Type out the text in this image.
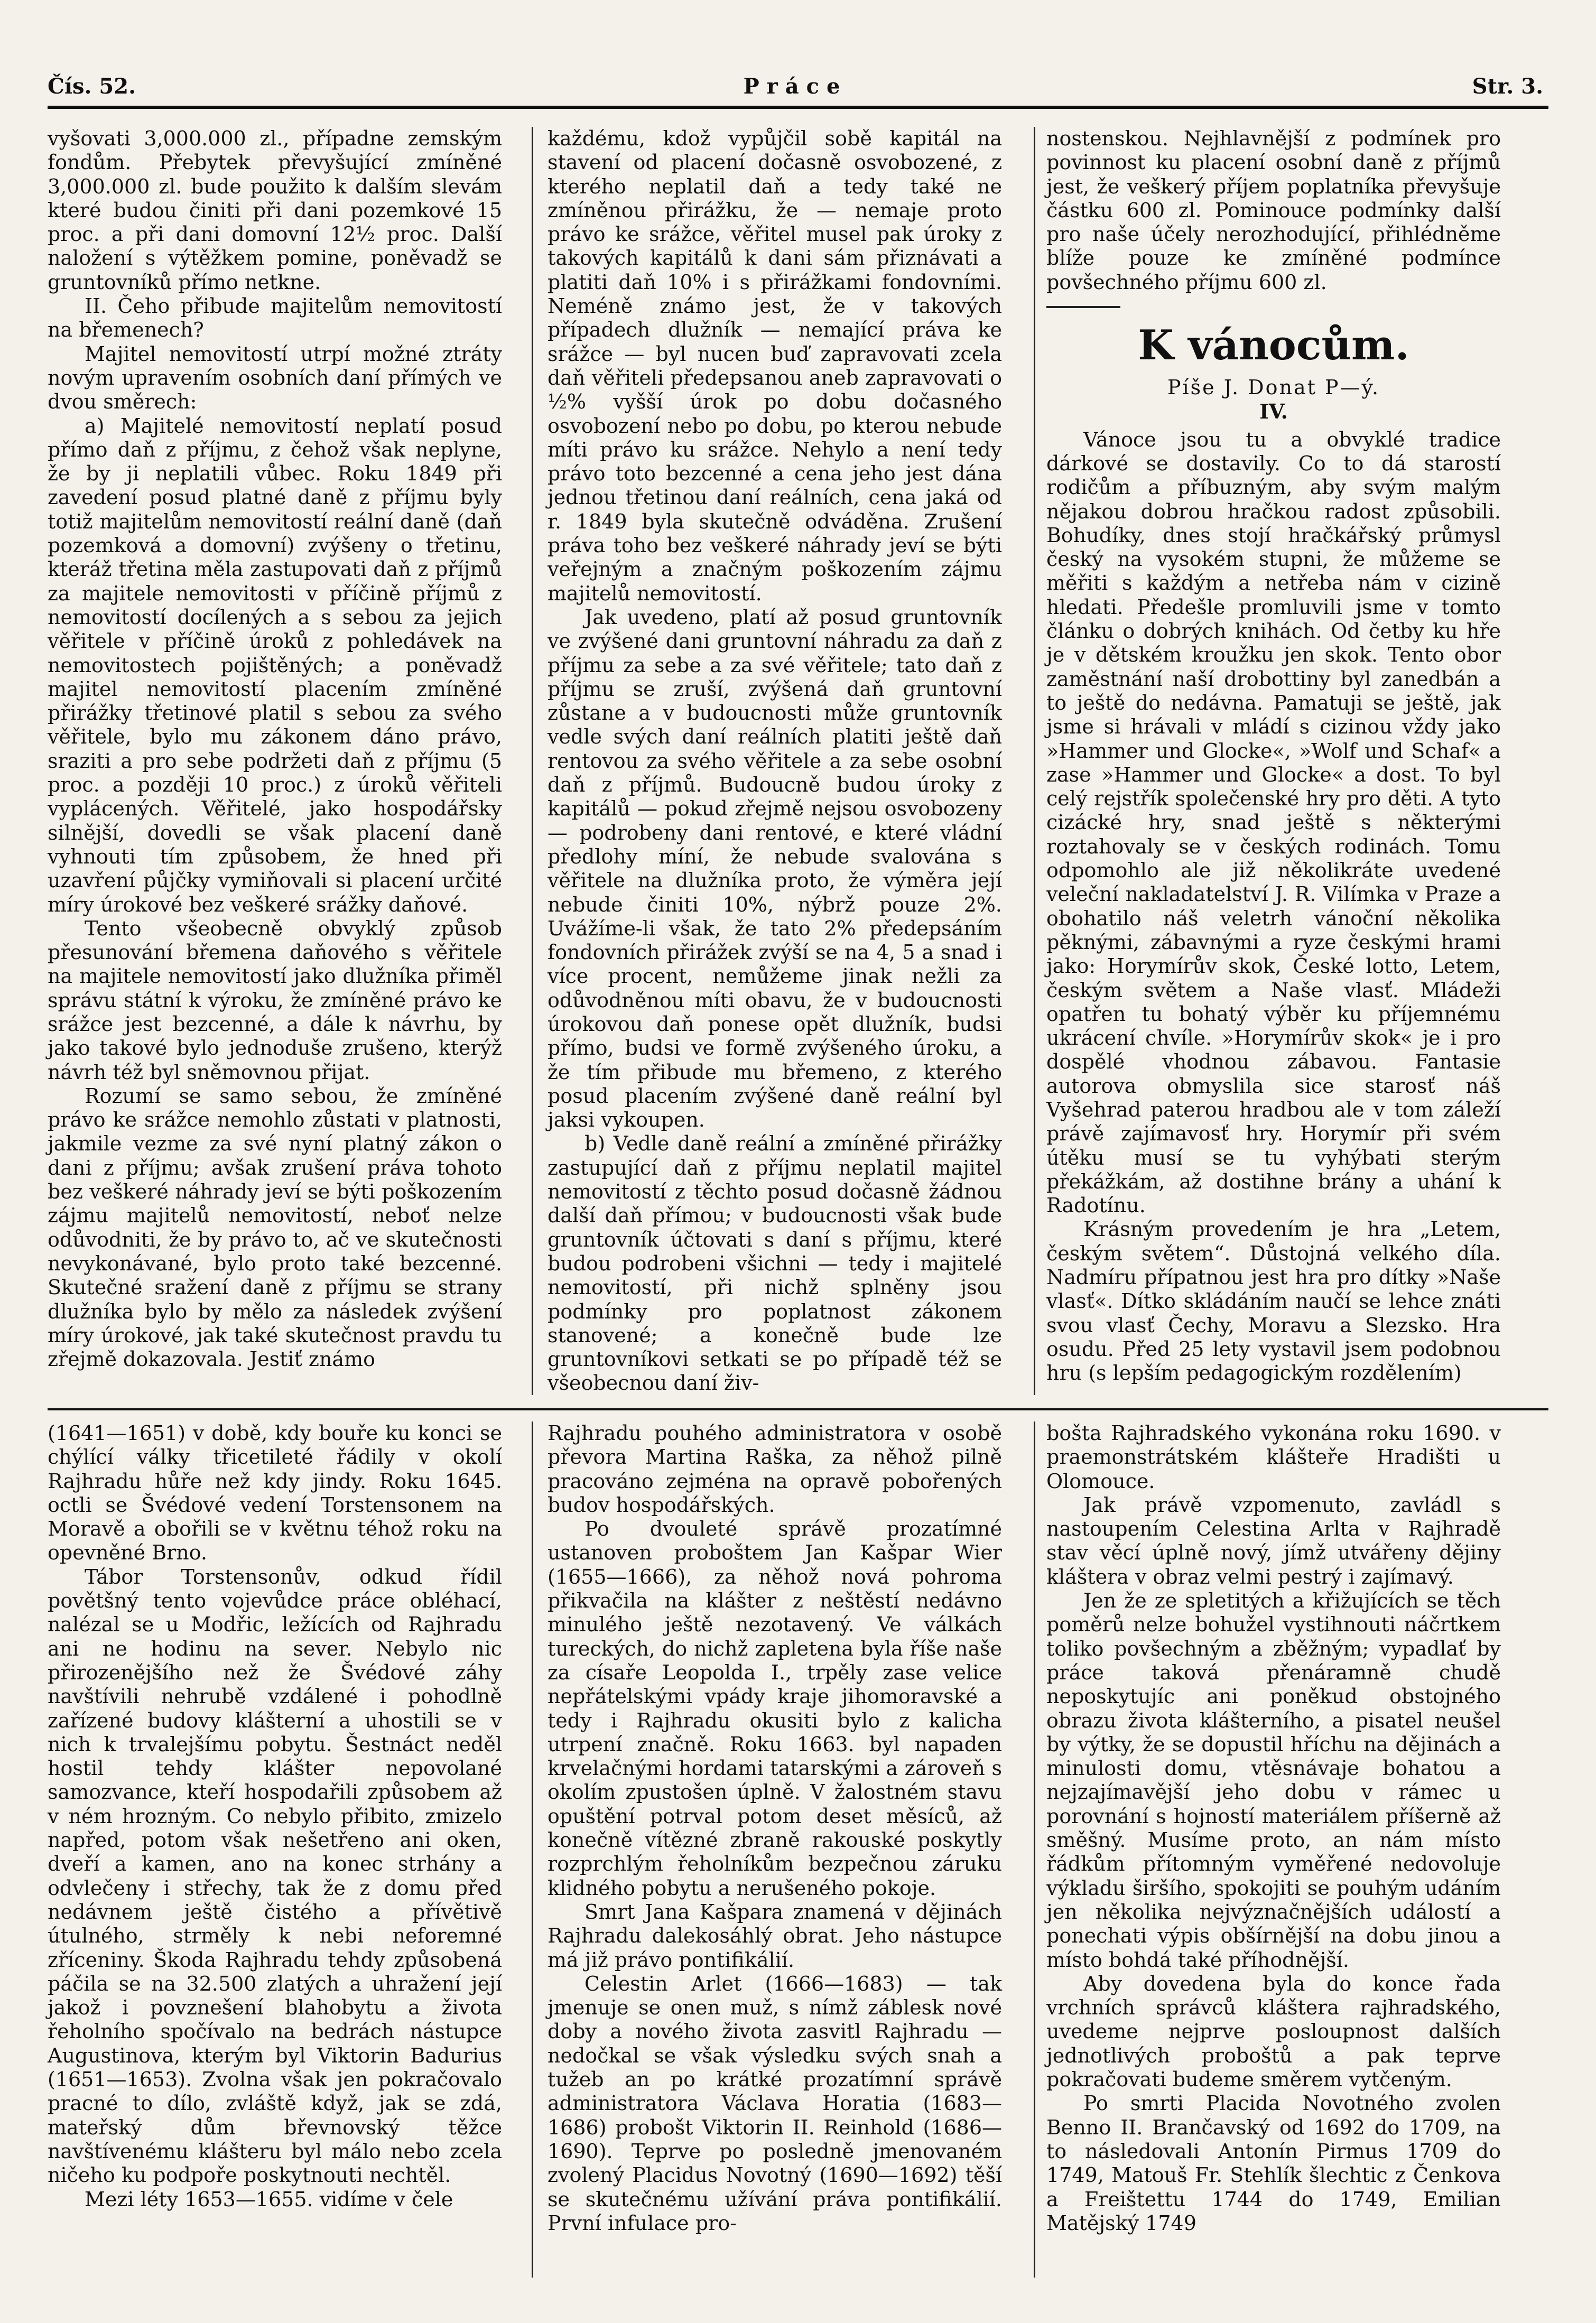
Čís. 52.	Práce	Str. 3.

vyšovati 3,000.000 zl., případne zemským fondům. Přebytek převyšující zmíněné 3,000.000 zl. bude použito k dalším slevám které budou činiti při dani pozemkové 15 proc. a při dani domovní 12½ proc. Další naložení s výtěžkem pomine, poněvadž se gruntovníků přímo netkne.

II. Čeho přibude majitelům nemovitostí na břemenech?

Majitel nemovitostí utrpí možné ztráty novým upravením osobních daní přímých ve dvou směrech:

a) Majitelé nemovitostí neplatí posud přímo daň z příjmu, z čehož však neplyne, že by ji neplatili vůbec. Roku 1849 při zavedení posud platné daně z příjmu byly totiž majitelům nemovitostí reální daně (daň pozemková a domovní) zvýšeny o třetinu, kteráž třetina měla zastupovati daň z příjmů za majitele nemovitosti v příčině příjmů z nemovitostí docílených a s sebou za jejich věřitele v příčině úroků z pohledávek na nemovitostech pojištěných; a poněvadž majitel nemovitostí placením zmíněné přirážky třetinové platil s sebou za svého věřitele, bylo mu zákonem dáno právo, sraziti a pro sebe podržeti daň z příjmu (5 proc. a později 10 proc.) z úroků věřiteli vyplácených. Věřitelé, jako hospodářsky silnější, dovedli se však placení daně vyhnouti tím způsobem, že hned při uzavření půjčky vymiňovali si placení určité míry úrokové bez veškeré srážky daňové.

Tento všeobecně obvyklý způsob přesunování břemena daňového s věřitele na majitele nemovitostí jako dlužníka přiměl správu státní k výroku, že zmíněné právo ke srážce jest bezcenné, a dále k návrhu, by jako takové bylo jednoduše zrušeno, kterýž návrh též byl sněmovnou přijat.

Rozumí se samo sebou, že zmíněné právo ke srážce nemohlo zůstati v platnosti, jakmile vezme za své nyní platný zákon o dani z příjmu; avšak zrušení práva tohoto bez veškeré náhrady jeví se býti poškozením zájmu majitelů nemovitostí, neboť nelze odůvodniti, že by právo to, ač ve skutečnosti nevykonávané, bylo proto také bezcenné. Skutečné sražení daně z příjmu se strany dlužníka bylo by mělo za následek zvýšení míry úrokové, jak také skutečnost pravdu tu zřejmě dokazovala. Jestiť známo

každému, kdož vypůjčil sobě kapitál na stavení od placení dočasně osvobozené, z kterého neplatil daň a tedy také ne zmíněnou přirážku, že — nemaje proto právo ke srážce, věřitel musel pak úroky z takových kapitálů k dani sám přiznávati a platiti daň 10% i s přirážkami fondovními. Neméně známo jest, že v takových případech dlužník — nemající práva ke srážce — byl nucen buď zapravovati zcela daň věřiteli předepsanou aneb zapravovati o ½% vyšší úrok po dobu dočasného osvobození nebo po dobu, po kterou nebude míti právo ku srážce. Nehylo a není tedy právo toto bezcenné a cena jeho jest dána jednou třetinou daní reálních, cena jaká od r. 1849 byla skutečně odváděna. Zrušení práva toho bez veškeré náhrady jeví se býti veřejným a značným poškozením zájmu majitelů nemovitostí.

Jak uvedeno, platí až posud gruntovník ve zvýšené dani gruntovní náhradu za daň z příjmu za sebe a za své věřitele; tato daň z příjmu se zruší, zvýšená daň gruntovní zůstane a v budoucnosti může gruntovník vedle svých daní reálních platiti ještě daň rentovou za svého věřitele a za sebe osobní daň z příjmů. Budoucně budou úroky z kapitálů — pokud zřejmě nejsou osvobozeny — podrobeny dani rentové, e které vládní předlohy míní, že nebude svalována s věřitele na dlužníka proto, že výměra její nebude činiti 10%, nýbrž pouze 2%. Uvážíme-li však, že tato 2% předepsáním fondovních přirážek zvýší se na 4, 5 a snad i více procent, nemůžeme jinak nežli za odůvodněnou míti obavu, že v budoucnosti úrokovou daň ponese opět dlužník, budsi přímo, budsi ve formě zvýšeného úroku, a že tím přibude mu břemeno, z kterého posud placením zvýšené daně reální byl jaksi vykoupen.

b) Vedle daně reální a zmíněné přirážky zastupující daň z příjmu neplatil majitel nemovitostí z těchto posud dočasně žádnou další daň přímou; v budoucnosti však bude gruntovník účtovati s daní s příjmu, které budou podrobeni všichni — tedy i majitelé nemovitostí, při nichž splněny jsou podmínky pro poplatnost zákonem stanovené; a konečně bude lze gruntovníkovi setkati se po případě též se všeobecnou daní živ-

nostenskou. Nejhlavnější z podmínek pro povinnost ku placení osobní daně z příjmů jest, že veškerý příjem poplatníka převyšuje částku 600 zl. Pominouce podmínky další pro naše účely nerozhodující, přihlédněme blíže pouze ke zmíněné podmínce povšechného příjmu 600 zl.

K vánocům.

Píše J. Donat P—ý.

IV.

Vánoce jsou tu a obvyklé tradice dárkové se dostavily. Co to dá starostí rodičům a příbuzným, aby svým malým nějakou dobrou hračkou radost způsobili. Bohudíky, dnes stojí hračkářský průmysl český na vysokém stupni, že můžeme se měřiti s každým a netřeba nám v cizině hledati. Předešle promluvili jsme v tomto článku o dobrých knihách. Od četby ku hře je v dětském kroužku jen skok. Tento obor zaměstnání naší drobottiny byl zanedbán a to ještě do nedávna. Pamatuji se ještě, jak jsme si hrávali v mládí s cizinou vždy jako »Hammer und Glocke«, »Wolf und Schaf« a zase »Hammer und Glocke« a dost. To byl celý rejstřík společenské hry pro děti. A tyto cizácké hry, snad ještě s některými roztahovaly se v českých rodinách. Tomu odpomohlo ale již několikráte uvedené veleční nakladatelství J. R. Vilímka v Praze a obohatilo náš veletrh vánoční několika pěknými, zábavnými a ryze českými hrami jako: Horymírův skok, České lotto, Letem, českým světem a Naše vlasť. Mládeži opatřen tu bohatý výběr ku příjemnému ukrácení chvíle. »Horymírův skok« je i pro dospělé vhodnou zábavou. Fantasie autorova obmyslila sice starosť náš Vyšehrad paterou hradbou ale v tom záleží právě zajímavosť hry. Horymír při svém útěku musí se tu vyhýbati sterým překážkám, až dostihne brány a uhání k Radotínu.

Krásným provedením je hra „Letem, českým světem“. Důstojná velkého díla. Nadmíru přípatnou jest hra pro dítky »Naše vlasť«. Dítko skládáním naučí se lehce znáti svou vlasť Čechy, Moravu a Slezsko. Hra osudu. Před 25 lety vystavil jsem podobnou hru (s lepším pedagogickým rozdělením)

(1641—1651) v době, kdy bouře ku konci se chýlící války třicetileté řádily v okolí Rajhradu hůře než kdy jindy. Roku 1645. octli se Švédové vedení Torstensonem na Moravě a obořili se v květnu téhož roku na opevněné Brno.

Tábor Torstensonův, odkud řídil povětšný tento vojevůdce práce obléhací, nalézal se u Modřic, ležících od Rajhradu ani ne hodinu na sever. Nebylo nic přirozenějšího než že Švédové záhy navštívili nehrubě vzdálené i pohodlně zařízené budovy klášterní a uhostili se v nich k trvalejšímu pobytu. Šestnáct neděl hostil tehdy klášter nepovolané samozvance, kteří hospodařili způsobem až v ném hrozným. Co nebylo přibito, zmizelo napřed, potom však nešetřeno ani oken, dveří a kamen, ano na konec strhány a odvlečeny i střechy, tak že z domu před nedávnem ještě čistého a přívětivě útulného, strměly k nebi neforemné zříceniny. Škoda Rajhradu tehdy způsobená páčila se na 32.500 zlatých a uhražení její jakož i povznešení blahobytu a života řeholního spočívalo na bedrách nástupce Augustinova, kterým byl Viktorin Badurius (1651—1653). Zvolna však jen pokračovalo pracné to dílo, zvláště když, jak se zdá, mateřský dům břevnovský těžce navštívenému klášteru byl málo nebo zcela ničeho ku podpoře poskytnouti nechtěl.

Mezi léty 1653—1655. vidíme v čele

Rajhradu pouhého administratora v osobě převora Martina Raška, za něhož pilně pracováno zejména na opravě pobořených budov hospodářských.

Po dvouleté správě prozatímné ustanoven proboštem Jan Kašpar Wier (1655—1666), za něhož nová pohroma přikvačila na klášter z neštěstí nedávno minulého ještě nezotavený. Ve válkách tureckých, do nichž zapletena byla říše naše za císaře Leopolda I., trpěly zase velice nepřátelskými vpády kraje jihomoravské a tedy i Rajhradu okusiti bylo z kalicha utrpení značně. Roku 1663. byl napaden krvelačnými hordami tatarskými a zároveň s okolím zpustošen úplně. V žalostném stavu opuštění potrval potom deset měsíců, až konečně vítězné zbraně rakouské poskytly rozprchlým řeholníkům bezpečnou záruku klidného pobytu a nerušeného pokoje.

Smrt Jana Kašpara znamená v dějinách Rajhradu dalekosáhlý obrat. Jeho nástupce má již právo pontifikálií.

Celestin Arlet (1666—1683) — tak jmenuje se onen muž, s nímž záblesk nové doby a nového života zasvitl Rajhradu — nedočkal se však výsledku svých snah a tužeb an po krátké prozatímní správě administratora Václava Horatia (1683—1686) probošt Viktorin II. Reinhold (1686—1690). Teprve po posledně jmenovaném zvolený Placidus Novotný (1690—1692) těší se skutečnému užívání práva pontifikálií. První infulace pro-

bošta Rajhradského vykonána roku 1690. v praemonstrátském klášteře Hradišti u Olomouce.

Jak právě vzpomenuto, zavládl s nastoupením Celestina Arlta v Rajhradě stav věcí úplně nový, jímž utvářeny dějiny kláštera v obraz velmi pestrý i zajímavý.

Jen že ze spletitých a křižujících se těch poměrů nelze bohužel vystihnouti náčrtkem tolikо povšechným a zběžným; vypadlať by práce taková přenáramně chudě neposkytujíc ani poněkud obstojného obrazu života klášterního, a pisatel neušel by výtky, že se dopustil hříchu na dějinách a minulosti domu, vtěsnávaje bohatou a nejzajímavější jeho dobu v rámec u porovnání s hojností materiálem příšerně až směšný. Musíme proto, an nám místo řádkům přítomným vyměřené nedovoluje výkladu širšího, spokojiti se pouhým udáním jen několika nejvýznačnějších událostí a ponechati výpis obšírnější na dobu jinou a místo bohdá také příhodnější.

Aby dovedena byla do konce řada vrchních správců kláštera rajhradského, uvedeme nejprve posloupnost dalších jednotlivých proboštů a pak teprve pokračovati budeme směrem vytčeným.

Po smrti Placida Novotného zvolen Benno II. Brančavský od 1692 do 1709, na to následovali Antonín Pirmus 1709 do 1749, Matouš Fr. Stehlík šlechtic z Čenkova a Freištettu 1744 do 1749, Emilian Matějský 1749
